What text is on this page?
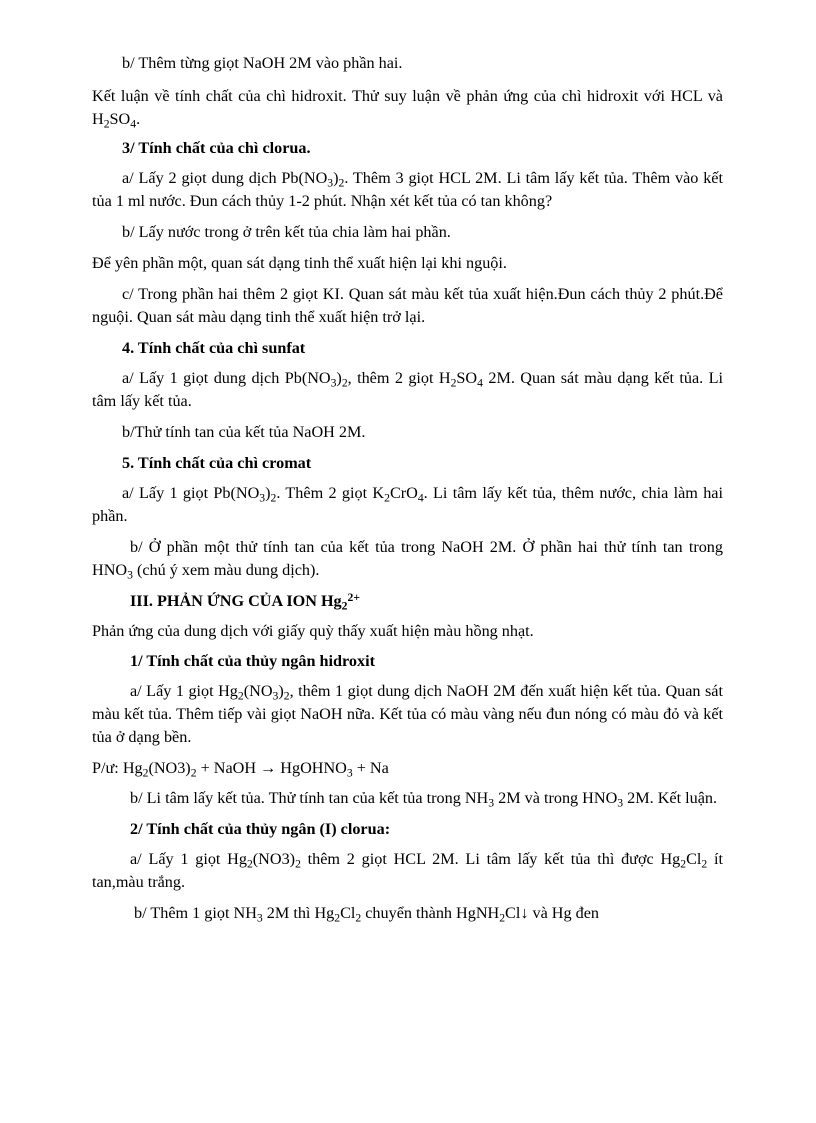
b/ Thêm từng giọt NaOH 2M vào phần hai.

Kết luận về tính chất của chì hidroxit. Thử suy luận về phản ứng của chì hidroxit với HCL và $H_2SO_4$.

3/ Tính chất của chì clorua.

a/ Lấy 2 giọt dung dịch $Pb(NO_3)_2$. Thêm 3 giọt HCL 2M. Li tâm lấy kết tủa. Thêm vào kết tủa 1 ml nước. Đun cách thủy 1-2 phút. Nhận xét kết tủa có tan không?

b/ Lấy nước trong ở trên kết tủa chia làm hai phần.

Để yên phần một, quan sát dạng tinh thể xuất hiện lại khi nguội.

c/ Trong phần hai thêm 2 giọt KI. Quan sát màu kết tủa xuất hiện.Đun cách thủy 2 phút.Để nguội. Quan sát màu dạng tinh thể xuất hiện trở lại.

4. Tính chất của chì sunfat

a/ Lấy 1 giọt dung dịch $Pb(NO_3)_2$, thêm 2 giọt $H_2SO_4$ 2M. Quan sát màu dạng kết tủa. Li tâm lấy kết tủa.

b/Thử tính tan của kết tủa NaOH 2M.

5. Tính chất của chì cromat

a/ Lấy 1 giọt $Pb(NO_3)_2$. Thêm 2 giọt $K_2CrO_4$. Li tâm lấy kết tủa, thêm nước, chia làm hai phần.

b/ Ở phần một thử tính tan của kết tủa trong NaOH 2M. Ở phần hai thử tính tan trong $HNO_3$ (chú ý xem màu dung dịch).

III. PHẢN ỨNG CỦA ION $Hg_2^{2+}$

Phản ứng của dung dịch với giấy quỳ thấy xuất hiện màu hồng nhạt.

1/ Tính chất của thủy ngân hidroxit

a/ Lấy 1 giọt $Hg_2(NO_3)_2$, thêm 1 giọt dung dịch NaOH 2M đến xuất hiện kết tủa. Quan sát màu kết tủa. Thêm tiếp vài giọt NaOH nữa. Kết tủa có màu vàng nếu đun nóng có màu đỏ và kết tủa ở dạng bền.

P/ư: $Hg_2(NO3)_2$ + NaOH → HgOHNO$_3$ + Na

b/ Li tâm lấy kết tủa. Thử tính tan của kết tủa trong $NH_3$ 2M và trong $HNO_3$ 2M. Kết luận.

2/ Tính chất của thủy ngân (I) clorua:

a/ Lấy 1 giọt $Hg_2(NO3)_2$ thêm 2 giọt HCL 2M. Li tâm lấy kết tủa thì được $Hg_2Cl_2$ ít tan,màu trắng.

b/ Thêm 1 giọt $NH_3$ 2M thì $Hg_2Cl_2$ chuyển thành HgNH$_2$Cl↓ và Hg đen
